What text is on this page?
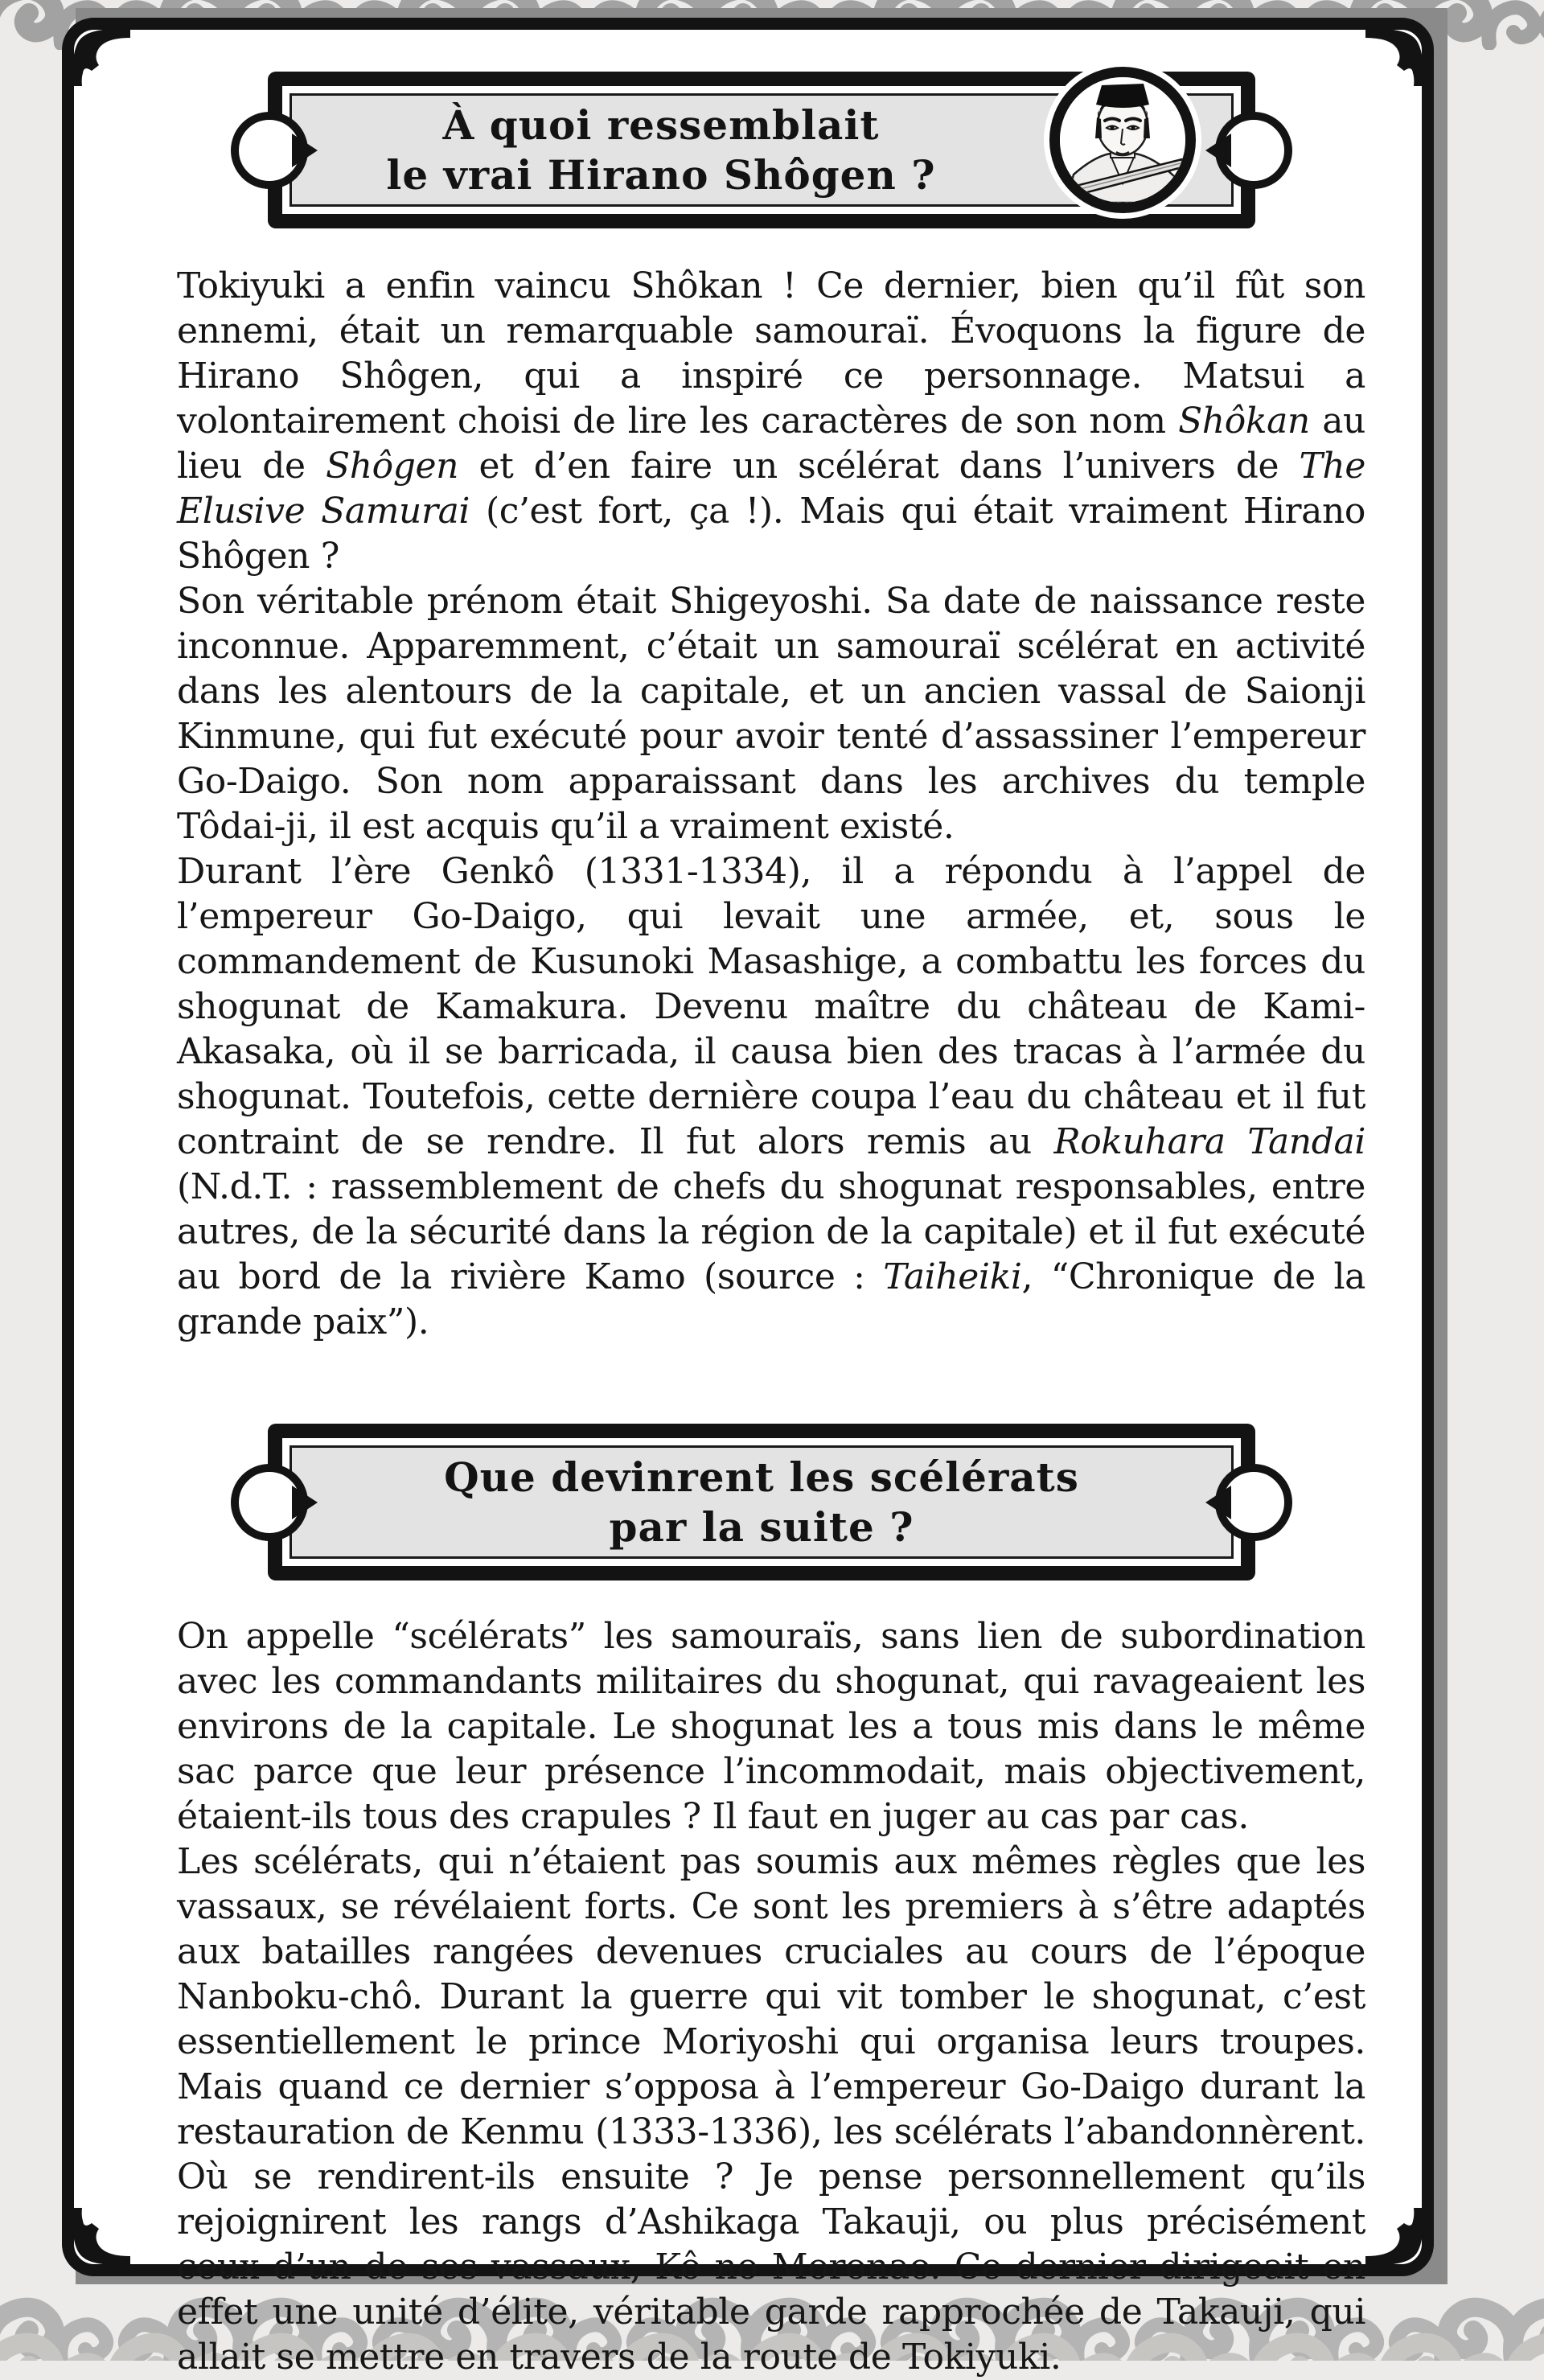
À quoi ressemblait
le vrai Hirano Shôgen ?

Tokiyuki a enfin vaincu Shôkan ! Ce dernier, bien qu’il fût son ennemi, était un remarquable samouraï. Évoquons la figure de Hirano Shôgen, qui a inspiré ce personnage. Matsui a volontairement choisi de lire les caractères de son nom Shôkan au lieu de Shôgen et d’en faire un scélérat dans l’univers de The Elusive Samurai (c’est fort, ça !). Mais qui était vraiment Hirano Shôgen ?

Son véritable prénom était Shigeyoshi. Sa date de naissance reste inconnue. Apparemment, c’était un samouraï scélérat en activité dans les alentours de la capitale, et un ancien vassal de Saionji Kinmune, qui fut exécuté pour avoir tenté d’assassiner l’empereur Go-Daigo. Son nom apparaissant dans les archives du temple Tôdai-ji, il est acquis qu’il a vraiment existé.

Durant l’ère Genkô (1331-1334), il a répondu à l’appel de l’empereur Go-Daigo, qui levait une armée, et, sous le commandement de Kusunoki Masashige, a combattu les forces du shogunat de Kamakura. Devenu maître du château de Kami-Akasaka, où il se barricada, il causa bien des tracas à l’armée du shogunat. Toutefois, cette dernière coupa l’eau du château et il fut contraint de se rendre. Il fut alors remis au Rokuhara Tandai (N.d.T. : rassemblement de chefs du shogunat responsables, entre autres, de la sécurité dans la région de la capitale) et il fut exécuté au bord de la rivière Kamo (source : Taiheiki, “Chronique de la grande paix”).

Que devinrent les scélérats
par la suite ?

On appelle “scélérats” les samouraïs, sans lien de subordination avec les commandants militaires du shogunat, qui ravageaient les environs de la capitale. Le shogunat les a tous mis dans le même sac parce que leur présence l’incommodait, mais objectivement, étaient-ils tous des crapules ? Il faut en juger au cas par cas.

Les scélérats, qui n’étaient pas soumis aux mêmes règles que les vassaux, se révélaient forts. Ce sont les premiers à s’être adaptés aux batailles rangées devenues cruciales au cours de l’époque Nanboku-chô. Durant la guerre qui vit tomber le shogunat, c’est essentiellement le prince Moriyoshi qui organisa leurs troupes. Mais quand ce dernier s’opposa à l’empereur Go-Daigo durant la restauration de Kenmu (1333-1336), les scélérats l’abandonnèrent. Où se rendirent-ils ensuite ? Je pense personnellement qu’ils rejoignirent les rangs d’Ashikaga Takauji, ou plus précisément ceux d’un de ses vassaux, Kô no Moronao. Ce dernier dirigeait en effet une unité d’élite, véritable garde rapprochée de Takauji, qui allait se mettre en travers de la route de Tokiyuki.
